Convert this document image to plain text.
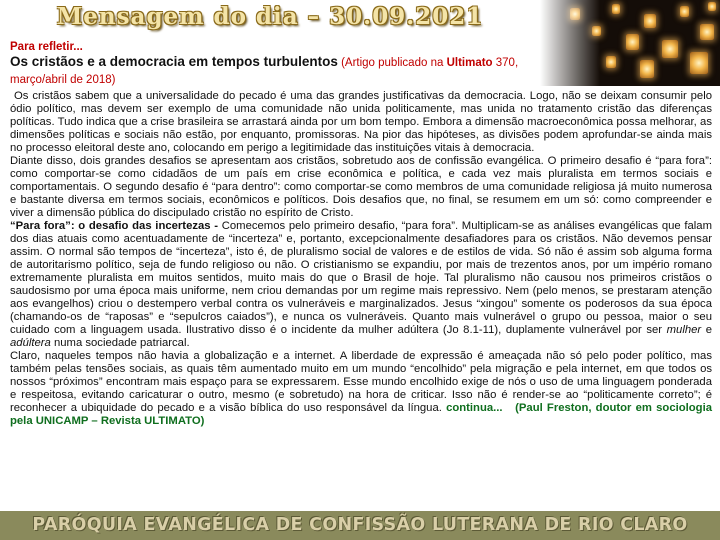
Mensagem do dia – 30.09.2021
Para refletir...
Os cristãos e a democracia em tempos turbulentos (Artigo publicado na Ultimato 370, março/abril de 2018)

Os cristãos sabem que a universalidade do pecado é uma das grandes justificativas da democracia. Logo, não se deixam consumir pelo ódio político, mas devem ser exemplo de uma comunidade não unida politicamente, mas unida no tratamento cristão das diferenças políticas. Tudo indica que a crise brasileira se arrastará ainda por um bom tempo. Embora a dimensão macroeconômica possa melhorar, as dimensões políticas e sociais não estão, por enquanto, promissoras. Na pior das hipóteses, as divisões podem aprofundar-se ainda mais no processo eleitoral deste ano, colocando em perigo a legitimidade das instituições vitais à democracia.

Diante disso, dois grandes desafios se apresentam aos cristãos, sobretudo aos de confissão evangélica. O primeiro desafio é “para fora”: como comportar-se como cidadãos de um país em crise econômica e política, e cada vez mais pluralista em termos sociais e comportamentais. O segundo desafio é “para dentro”: como comportar-se como membros de uma comunidade religiosa já muito numerosa e bastante diversa em termos sociais, econômicos e políticos. Dois desafios que, no final, se resumem em um só: como compreender e viver a dimensão pública do discipulado cristão no espírito de Cristo.

“Para fora”: o desafio das incertezas - Comecemos pelo primeiro desafio, “para fora”. Multiplicam-se as análises evangélicas que falam dos dias atuais como acentuadamente de “incerteza” e, portanto, excepcionalmente desafiadores para os cristãos. Não devemos pensar assim. O normal são tempos de “incerteza”, isto é, de pluralismo social de valores e de estilos de vida. Só não é assim sob alguma forma de autoritarismo político, seja de fundo religioso ou não. O cristianismo se expandiu, por mais de trezentos anos, por um império romano extremamente pluralista em muitos sentidos, muito mais do que o Brasil de hoje. Tal pluralismo não causou nos primeiros cristãos o saudosismo por uma época mais uniforme, nem criou demandas por um regime mais repressivo. Nem (pelo menos, se prestaram atenção aos evangelhos) criou o destempero verbal contra os vulneráveis e marginalizados. Jesus “xingou” somente os poderosos da sua época (chamando-os de “raposas” e “sepulcros caiados”), e nunca os vulneráveis. Quanto mais vulnerável o grupo ou pessoa, maior o seu cuidado com a linguagem usada. Ilustrativo disso é o incidente da mulher adúltera (Jo 8.1-11), duplamente vulnerável por ser mulher e adúltera numa sociedade patriarcal.

Claro, naqueles tempos não havia a globalização e a internet. A liberdade de expressão é ameaçada não só pelo poder político, mas também pelas tensões sociais, as quais têm aumentado muito em um mundo “encolhido” pela migração e pela internet, em que todos os nossos “próximos” encontram mais espaço para se expressarem. Esse mundo encolhido exige de nós o uso de uma linguagem ponderada e respeitosa, evitando caricaturar o outro, mesmo (e sobretudo) na hora de criticar. Isso não é render-se ao “politicamente correto”; é reconhecer a ubiquidade do pecado e a visão bíblica do uso responsável da língua. continua... (Paul Freston, doutor em sociologia pela UNICAMP – Revista ULTIMATO)

PARÓQUIA EVANGÉLICA DE CONFISSÃO LUTERANA DE RIO CLARO
